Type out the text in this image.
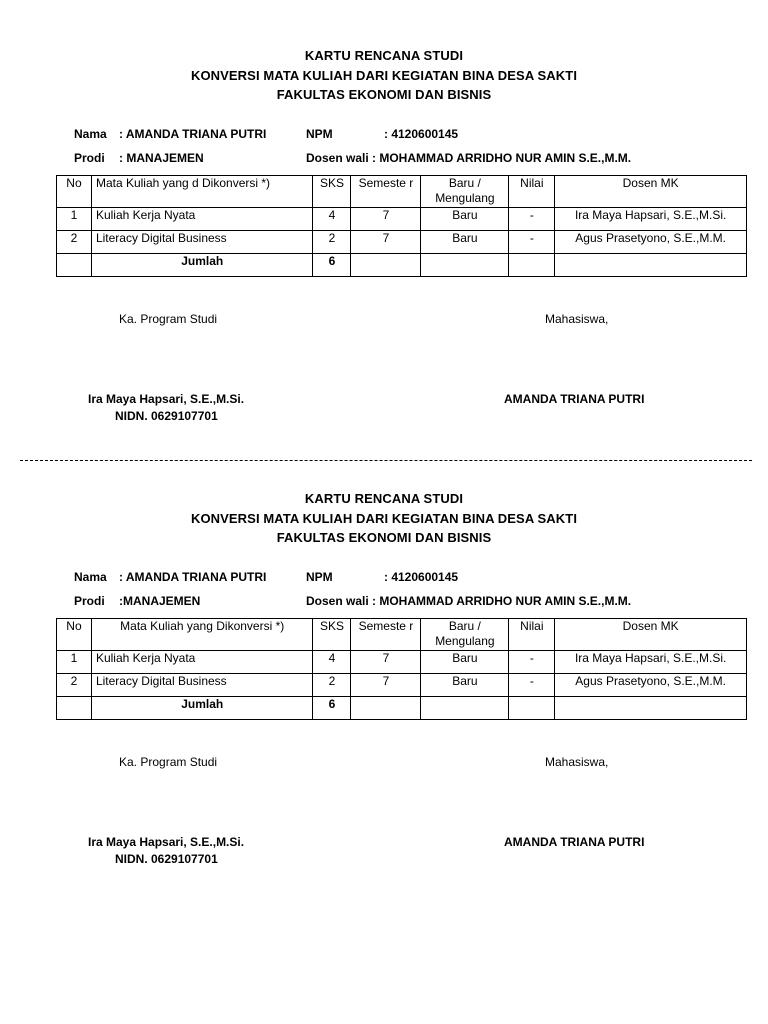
KARTU RENCANA STUDI
KONVERSI MATA KULIAH DARI KEGIATAN BINA DESA SAKTI
FAKULTAS EKONOMI DAN BISNIS
Nama : AMANDA TRIANA PUTRI	NPM	: 4120600145
Prodi : MANAJEMEN	Dosen wali : MOHAMMAD ARRIDHO NUR AMIN S.E.,M.M.
No	Mata Kuliah yang d Dikonversi *)	SKS	Semeste r	Baru / Mengulang	Nilai	Dosen MK
1	Kuliah Kerja Nyata	4	7	Baru	-	Ira Maya Hapsari, S.E.,M.Si.
2	Literacy Digital Business	2	7	Baru	-	Agus Prasetyono, S.E.,M.M.
	Jumlah	6				
Ka. Program Studi	Mahasiswa,
Ira Maya Hapsari, S.E.,M.Si.
NIDN. 0629107701
AMANDA TRIANA PUTRI
KARTU RENCANA STUDI
KONVERSI MATA KULIAH DARI KEGIATAN BINA DESA SAKTI
FAKULTAS EKONOMI DAN BISNIS
Nama : AMANDA TRIANA PUTRI	NPM	: 4120600145
Prodi :MANAJEMEN	Dosen wali : MOHAMMAD ARRIDHO NUR AMIN S.E.,M.M.
No	Mata Kuliah yang Dikonversi *)	SKS	Semeste r	Baru / Mengulang	Nilai	Dosen MK
1	Kuliah Kerja Nyata	4	7	Baru	-	Ira Maya Hapsari, S.E.,M.Si.
2	Literacy Digital Business	2	7	Baru	-	Agus Prasetyono, S.E.,M.M.
	Jumlah	6				
Ka. Program Studi	Mahasiswa,
Ira Maya Hapsari, S.E.,M.Si.
NIDN. 0629107701
AMANDA TRIANA PUTRI
